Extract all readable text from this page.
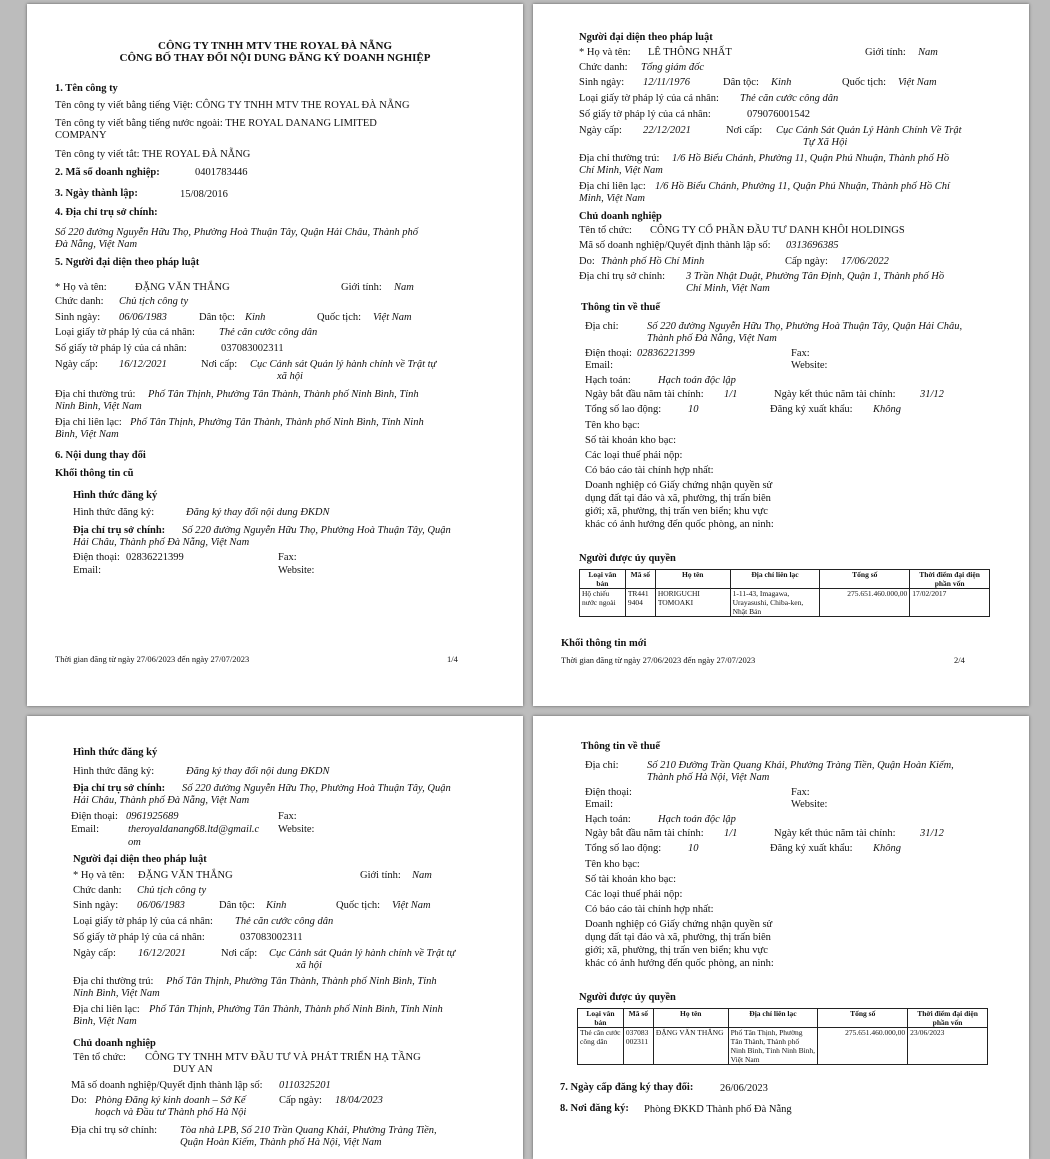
CÔNG TY TNHH MTV THE ROYAL ĐÀ NẴNG
CÔNG BỐ THAY ĐỔI NỘI DUNG ĐĂNG KÝ DOANH NGHIỆP
1. Tên công ty
Tên công ty viết bằng tiếng Việt: CÔNG TY TNHH MTV THE ROYAL ĐÀ NẴNG
Tên công ty viết bằng tiếng nước ngoài: THE ROYAL DANANG LIMITED
COMPANY
Tên công ty viết tắt: THE ROYAL ĐÀ NẴNG
2. Mã số doanh nghiệp:	0401783446
3. Ngày thành lập:	15/08/2016
4. Địa chỉ trụ sở chính:
Số 220 đường Nguyễn Hữu Thọ, Phường Hoà Thuận Tây, Quận Hải Châu, Thành phố
Đà Nẵng, Việt Nam
5. Người đại diện theo pháp luật
* Họ và tên:	ĐẶNG VĂN THẮNG	Giới tính: Nam
Chức danh: Chủ tịch công ty
Sinh ngày: 06/06/1983	Dân tộc: Kinh	Quốc tịch: Việt Nam
Loại giấy tờ pháp lý của cá nhân: Thẻ căn cước công dân
Số giấy tờ pháp lý của cá nhân:	037083002311
Ngày cấp: 16/12/2021	Nơi cấp: Cục Cảnh sát Quản lý hành chính về Trật tự
xã hội
Địa chỉ thường trú: Phố Tân Thịnh, Phường Tân Thành, Thành phố Ninh Bình, Tỉnh
Ninh Bình, Việt Nam
Địa chỉ liên lạc: Phố Tân Thịnh, Phường Tân Thành, Thành phố Ninh Bình, Tỉnh Ninh
Bình, Việt Nam
6. Nội dung thay đổi
Khối thông tin cũ
Hình thức đăng ký
Hình thức đăng ký:	Đăng ký thay đổi nội dung ĐKDN
Địa chỉ trụ sở chính: Số 220 đường Nguyễn Hữu Thọ, Phường Hoà Thuận Tây, Quận
Hải Châu, Thành phố Đà Nẵng, Việt Nam
Điện thoại: 02836221399	Fax:
Email:	Website:
Thời gian đăng từ ngày 27/06/2023 đến ngày 27/07/2023	1/4
Người đại diện theo pháp luật
* Họ và tên: LÊ THÔNG NHẤT	Giới tính: Nam
Chức danh: Tổng giám đốc
Sinh ngày: 12/11/1976	Dân tộc: Kinh	Quốc tịch: Việt Nam
Loại giấy tờ pháp lý của cá nhân: Thẻ căn cước công dân
Số giấy tờ pháp lý của cá nhân:	079076001542
Ngày cấp: 22/12/2021	Nơi cấp: Cục Cảnh Sát Quản Lý Hành Chính Về Trật
Tự Xã Hội
Địa chỉ thường trú: 1/6 Hồ Biểu Chánh, Phường 11, Quận Phú Nhuận, Thành phố Hồ
Chí Minh, Việt Nam
Địa chỉ liên lạc: 1/6 Hồ Biểu Chánh, Phường 11, Quận Phú Nhuận, Thành phố Hồ Chí
Minh, Việt Nam
Chủ doanh nghiệp
Tên tổ chức: CÔNG TY CỔ PHẦN ĐẦU TƯ DANH KHÔI HOLDINGS
Mã số doanh nghiệp/Quyết định thành lập số: 0313696385
Do: Thành phố Hồ Chí Minh	Cấp ngày: 17/06/2022
Địa chỉ trụ sở chính: 3 Trần Nhật Duật, Phường Tân Định, Quận 1, Thành phố Hồ
Chí Minh, Việt Nam
Thông tin về thuế
Địa chỉ:	Số 220 đường Nguyễn Hữu Thọ, Phường Hoà Thuận Tây, Quận Hải Châu,
Thành phố Đà Nẵng, Việt Nam
Điện thoại: 02836221399	Fax:
Email:	Website:
Hạch toán:	Hạch toán độc lập
Ngày bắt đầu năm tài chính: 1/1	Ngày kết thúc năm tài chính: 31/12
Tổng số lao động:	10	Đăng ký xuất khẩu: Không
Tên kho bạc:
Số tài khoản kho bạc:
Các loại thuế phải nộp:
Có báo cáo tài chính hợp nhất:
Doanh nghiệp có Giấy chứng nhận quyền sử
dụng đất tại đảo và xã, phường, thị trấn biên
giới; xã, phường, thị trấn ven biển; khu vực
khác có ảnh hưởng đến quốc phòng, an ninh:
Người được ủy quyền
Loại văn bản	Mã số	Họ tên	Địa chỉ liên lạc	Tổng số	Thời điểm đại diện phần vốn
Hộ chiếu nước ngoài	TR441 9404	HORIGUCHI TOMOAKI	1-11-43, Imagawa, Urayasushi, Chiba-ken, Nhật Bản	275.651.460.000,00	17/02/2017
Khối thông tin mới
Thời gian đăng từ ngày 27/06/2023 đến ngày 27/07/2023	2/4
Hình thức đăng ký
Hình thức đăng ký:	Đăng ký thay đổi nội dung ĐKDN
Địa chỉ trụ sở chính: Số 220 đường Nguyễn Hữu Thọ, Phường Hoà Thuận Tây, Quận
Hải Châu, Thành phố Đà Nẵng, Việt Nam
Điện thoại: 0961925689	Fax:
Email:	theroyaldanang68.ltd@gmail.c
om
Website:
Người đại diện theo pháp luật
* Họ và tên: ĐẶNG VĂN THẮNG	Giới tính: Nam
Chức danh: Chủ tịch công ty
Sinh ngày: 06/06/1983	Dân tộc: Kinh	Quốc tịch: Việt Nam
Loại giấy tờ pháp lý của cá nhân: Thẻ căn cước công dân
Số giấy tờ pháp lý của cá nhân:	037083002311
Ngày cấp: 16/12/2021	Nơi cấp: Cục Cảnh sát Quản lý hành chính về Trật tự
xã hội
Địa chỉ thường trú: Phố Tân Thịnh, Phường Tân Thành, Thành phố Ninh Bình, Tỉnh
Ninh Bình, Việt Nam
Địa chỉ liên lạc: Phố Tân Thịnh, Phường Tân Thành, Thành phố Ninh Bình, Tỉnh Ninh
Bình, Việt Nam
Chủ doanh nghiệp
Tên tổ chức: CÔNG TY TNHH MTV ĐẦU TƯ VÀ PHÁT TRIỂN HẠ TẦNG
DUY AN
Mã số doanh nghiệp/Quyết định thành lập số: 0110325201
Do: Phòng Đăng ký kinh doanh – Sở Kế
hoạch và Đầu tư Thành phố Hà Nội
Cấp ngày: 18/04/2023
Địa chỉ trụ sở chính: Tòa nhà LPB, Số 210 Trần Quang Khải, Phường Tràng Tiền,
Quận Hoàn Kiếm, Thành phố Hà Nội, Việt Nam
Thông tin về thuế
Địa chỉ:	Số 210 Đường Trần Quang Khải, Phường Tràng Tiền, Quận Hoàn Kiếm,
Thành phố Hà Nội, Việt Nam
Điện thoại:	Fax:
Email:	Website:
Hạch toán:	Hạch toán độc lập
Ngày bắt đầu năm tài chính: 1/1	Ngày kết thúc năm tài chính: 31/12
Tổng số lao động:	10	Đăng ký xuất khẩu: Không
Tên kho bạc:
Số tài khoản kho bạc:
Các loại thuế phải nộp:
Có báo cáo tài chính hợp nhất:
Doanh nghiệp có Giấy chứng nhận quyền sử
dụng đất tại đảo và xã, phường, thị trấn biên
giới; xã, phường, thị trấn ven biển; khu vực
khác có ảnh hưởng đến quốc phòng, an ninh:
Người được ủy quyền
Loại văn bản	Mã số	Họ tên	Địa chỉ liên lạc	Tổng số	Thời điểm đại diện phần vốn
Thẻ căn cước công dân	037083 002311	ĐẶNG VĂN THẮNG	Phố Tân Thịnh, Phường Tân Thành, Thành phố Ninh Bình, Tỉnh Ninh Bình, Việt Nam	275.651.460.000,00	23/06/2023
7. Ngày cấp đăng ký thay đổi:	26/06/2023
8. Nơi đăng ký: Phòng ĐKKD Thành phố Đà Nẵng
